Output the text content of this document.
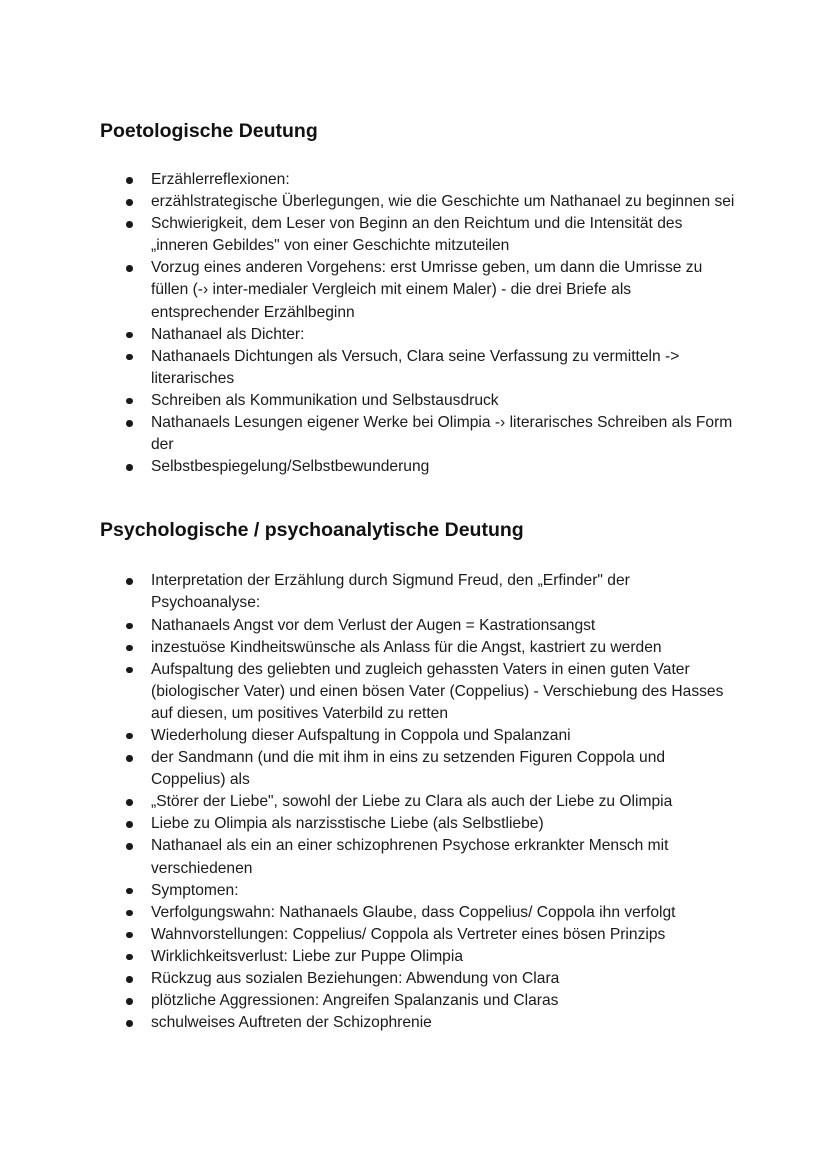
Poetologische Deutung
Erzählerreflexionen:
erzählstrategische Überlegungen, wie die Geschichte um Nathanael zu beginnen sei
Schwierigkeit, dem Leser von Beginn an den Reichtum und die Intensität des „inneren Gebildes" von einer Geschichte mitzuteilen
Vorzug eines anderen Vorgehens: erst Umrisse geben, um dann die Umrisse zu füllen (-› inter-medialer Vergleich mit einem Maler) - die drei Briefe als entsprechender Erzählbeginn
Nathanael als Dichter:
Nathanaels Dichtungen als Versuch, Clara seine Verfassung zu vermitteln -> literarisches
Schreiben als Kommunikation und Selbstausdruck
Nathanaels Lesungen eigener Werke bei Olimpia -› literarisches Schreiben als Form der
Selbstbespiegelung/Selbstbewunderung
Psychologische / psychoanalytische Deutung
Interpretation der Erzählung durch Sigmund Freud, den „Erfinder" der Psychoanalyse:
Nathanaels Angst vor dem Verlust der Augen = Kastrationsangst
inzestuöse Kindheitswünsche als Anlass für die Angst, kastriert zu werden
Aufspaltung des geliebten und zugleich gehassten Vaters in einen guten Vater (biologischer Vater) und einen bösen Vater (Coppelius) - Verschiebung des Hasses auf diesen, um positives Vaterbild zu retten
Wiederholung dieser Aufspaltung in Coppola und Spalanzani
der Sandmann (und die mit ihm in eins zu setzenden Figuren Coppola und Coppelius) als
„Störer der Liebe", sowohl der Liebe zu Clara als auch der Liebe zu Olimpia
Liebe zu Olimpia als narzisstische Liebe (als Selbstliebe)
Nathanael als ein an einer schizophrenen Psychose erkrankter Mensch mit verschiedenen
Symptomen:
Verfolgungswahn: Nathanaels Glaube, dass Coppelius/ Coppola ihn verfolgt
Wahnvorstellungen: Coppelius/ Coppola als Vertreter eines bösen Prinzips
Wirklichkeitsverlust: Liebe zur Puppe Olimpia
Rückzug aus sozialen Beziehungen: Abwendung von Clara
plötzliche Aggressionen: Angreifen Spalanzanis und Claras
schulweises Auftreten der Schizophrenie
